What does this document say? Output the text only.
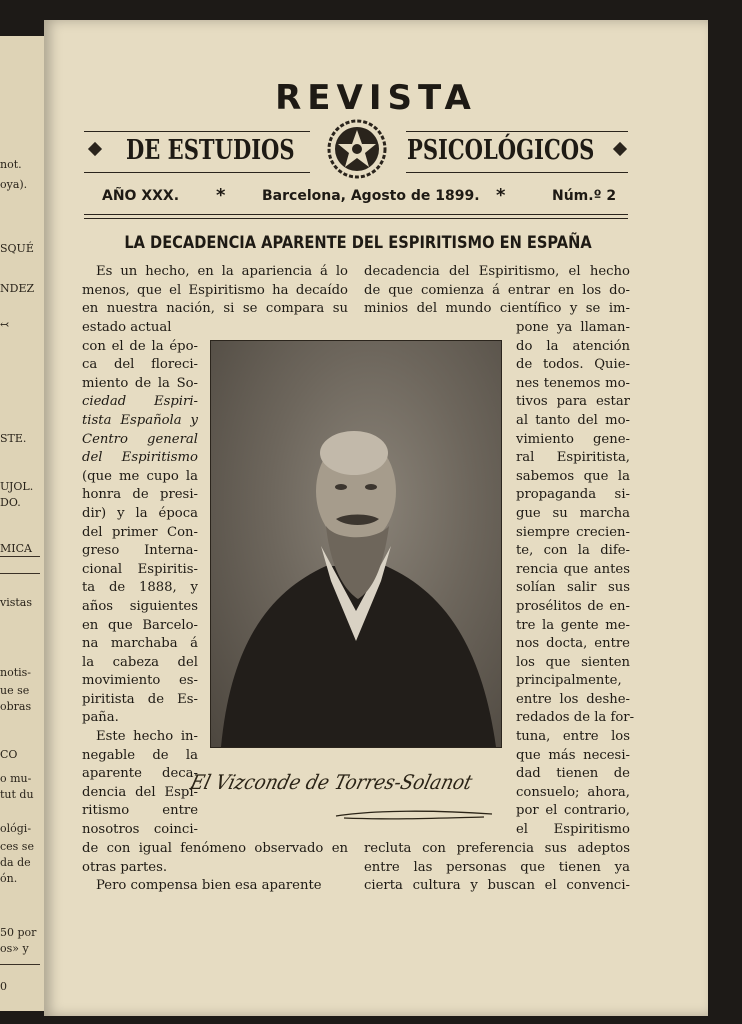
not.
oya).
SQUÉ
NDEZ
↢
STE.
UJOL.
DO.
MICA
vistas
notis-
ue se
obras
CO
o mu-
tut du
ológi-
ces se
da de
ón.
50 por
os» y
0
REVISTA
DE ESTUDIOS	PSICOLÓGICOS
AÑO XXX. *	Barcelona, Agosto de 1899. *	Núm.º 2
LA DECADENCIA APARENTE DEL ESPIRITISMO EN ESPAÑA
Es un hecho, en la apariencia á lo
menos, que el Espiritismo ha decaído
en nuestra nación, si se compara su
estado actual
con el de la épo-
ca del floreci-
miento de la So-
ciedad Espiri-
tista Española y
Centro general
del Espiritismo
(que me cupo la
honra de presi-
dir) y la época
del primer Con-
greso Interna-
cional Espiritis-
ta de 1888, y
años siguientes
en que Barcelo-
na marchaba á
la cabeza del
movimiento es-
piritista de Es-
paña.
Este hecho in-
negable de la
aparente deca-
dencia del Espi-
ritismo entre
nosotros coinci-
de con igual fenómeno observado en
otras partes.
Pero compensa bien esa aparente
decadencia del Espiritismo, el hecho
de que comienza á entrar en los do-
minios del mundo científico y se im-
pone ya llaman-
do la atención
de todos. Quie-
nes tenemos mo-
tivos para estar
al tanto del mo-
vimiento gene-
ral Espiritista,
sabemos que la
propaganda si-
gue su marcha
siempre crecien-
te, con la dife-
rencia que antes
solían salir sus
prosélitos de en-
tre la gente me-
nos docta, entre
los que sienten
principalmente,
entre los deshe-
redados de la for-
tuna, entre los
que más necesi-
dad tienen de
consuelo; ahora,
por el contrario,
el Espiritismo
recluta con preferencia sus adeptos
entre las personas que tienen ya
cierta cultura y buscan el convenci-
El Vizconde de Torres-Solanot
